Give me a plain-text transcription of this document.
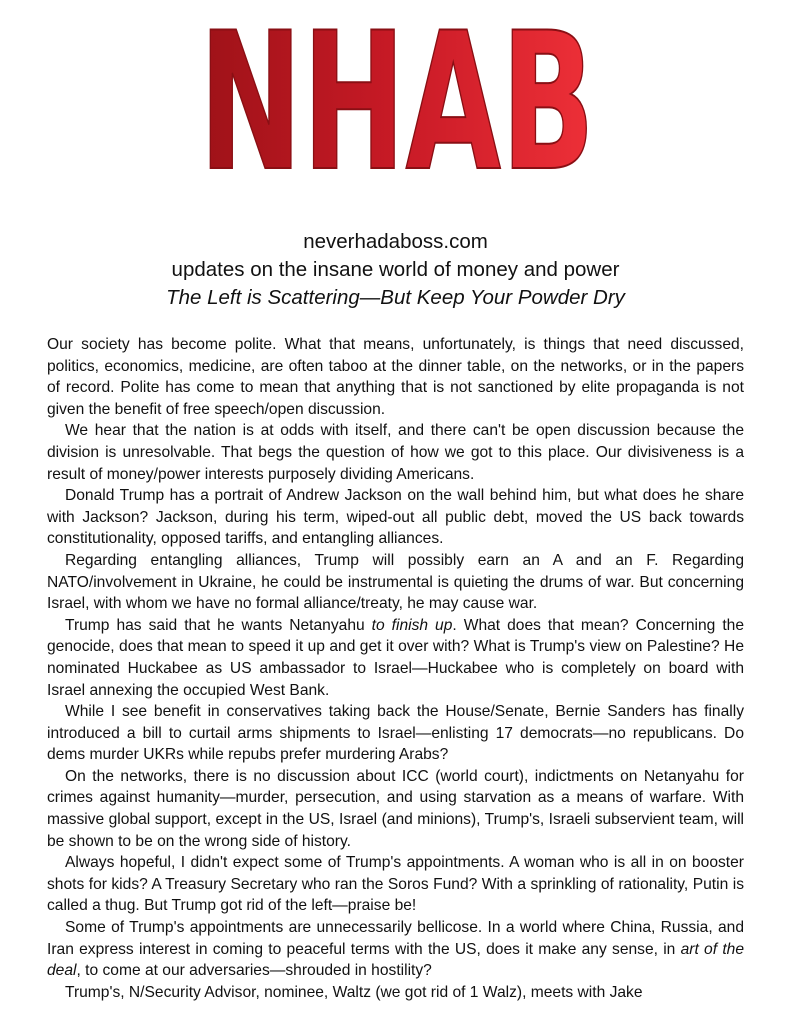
NHAB
neverhadaboss.com
updates on the insane world of money and power
The Left is Scattering—But Keep Your Powder Dry

Our society has become polite. What that means, unfortunately, is things that need discussed, politics, economics, medicine, are often taboo at the dinner table, on the networks, or in the papers of record. Polite has come to mean that anything that is not sanctioned by elite propaganda is not given the benefit of free speech/open discussion.

We hear that the nation is at odds with itself, and there can't be open discussion because the division is unresolvable. That begs the question of how we got to this place. Our divisiveness is a result of money/power interests purposely dividing Americans.

Donald Trump has a portrait of Andrew Jackson on the wall behind him, but what does he share with Jackson? Jackson, during his term, wiped-out all public debt, moved the US back towards constitutionality, opposed tariffs, and entangling alliances.

Regarding entangling alliances, Trump will possibly earn an A and an F. Regarding NATO/involvement in Ukraine, he could be instrumental is quieting the drums of war. But concerning Israel, with whom we have no formal alliance/treaty, he may cause war.

Trump has said that he wants Netanyahu to finish up. What does that mean? Concerning the genocide, does that mean to speed it up and get it over with? What is Trump's view on Palestine? He nominated Huckabee as US ambassador to Israel—Huckabee who is completely on board with Israel annexing the occupied West Bank.

While I see benefit in conservatives taking back the House/Senate, Bernie Sanders has finally introduced a bill to curtail arms shipments to Israel—enlisting 17 democrats—no republicans. Do dems murder UKRs while repubs prefer murdering Arabs?

On the networks, there is no discussion about ICC (world court), indictments on Netanyahu for crimes against humanity—murder, persecution, and using starvation as a means of warfare. With massive global support, except in the US, Israel (and minions), Trump's, Israeli subservient team, will be shown to be on the wrong side of history.

Always hopeful, I didn't expect some of Trump's appointments. A woman who is all in on booster shots for kids? A Treasury Secretary who ran the Soros Fund? With a sprinkling of rationality, Putin is called a thug. But Trump got rid of the left—praise be!

Some of Trump's appointments are unnecessarily bellicose. In a world where China, Russia, and Iran express interest in coming to peaceful terms with the US, does it make any sense, in art of the deal, to come at our adversaries—shrouded in hostility?

Trump's, N/Security Advisor, nominee, Waltz (we got rid of 1 Walz), meets with Jake
